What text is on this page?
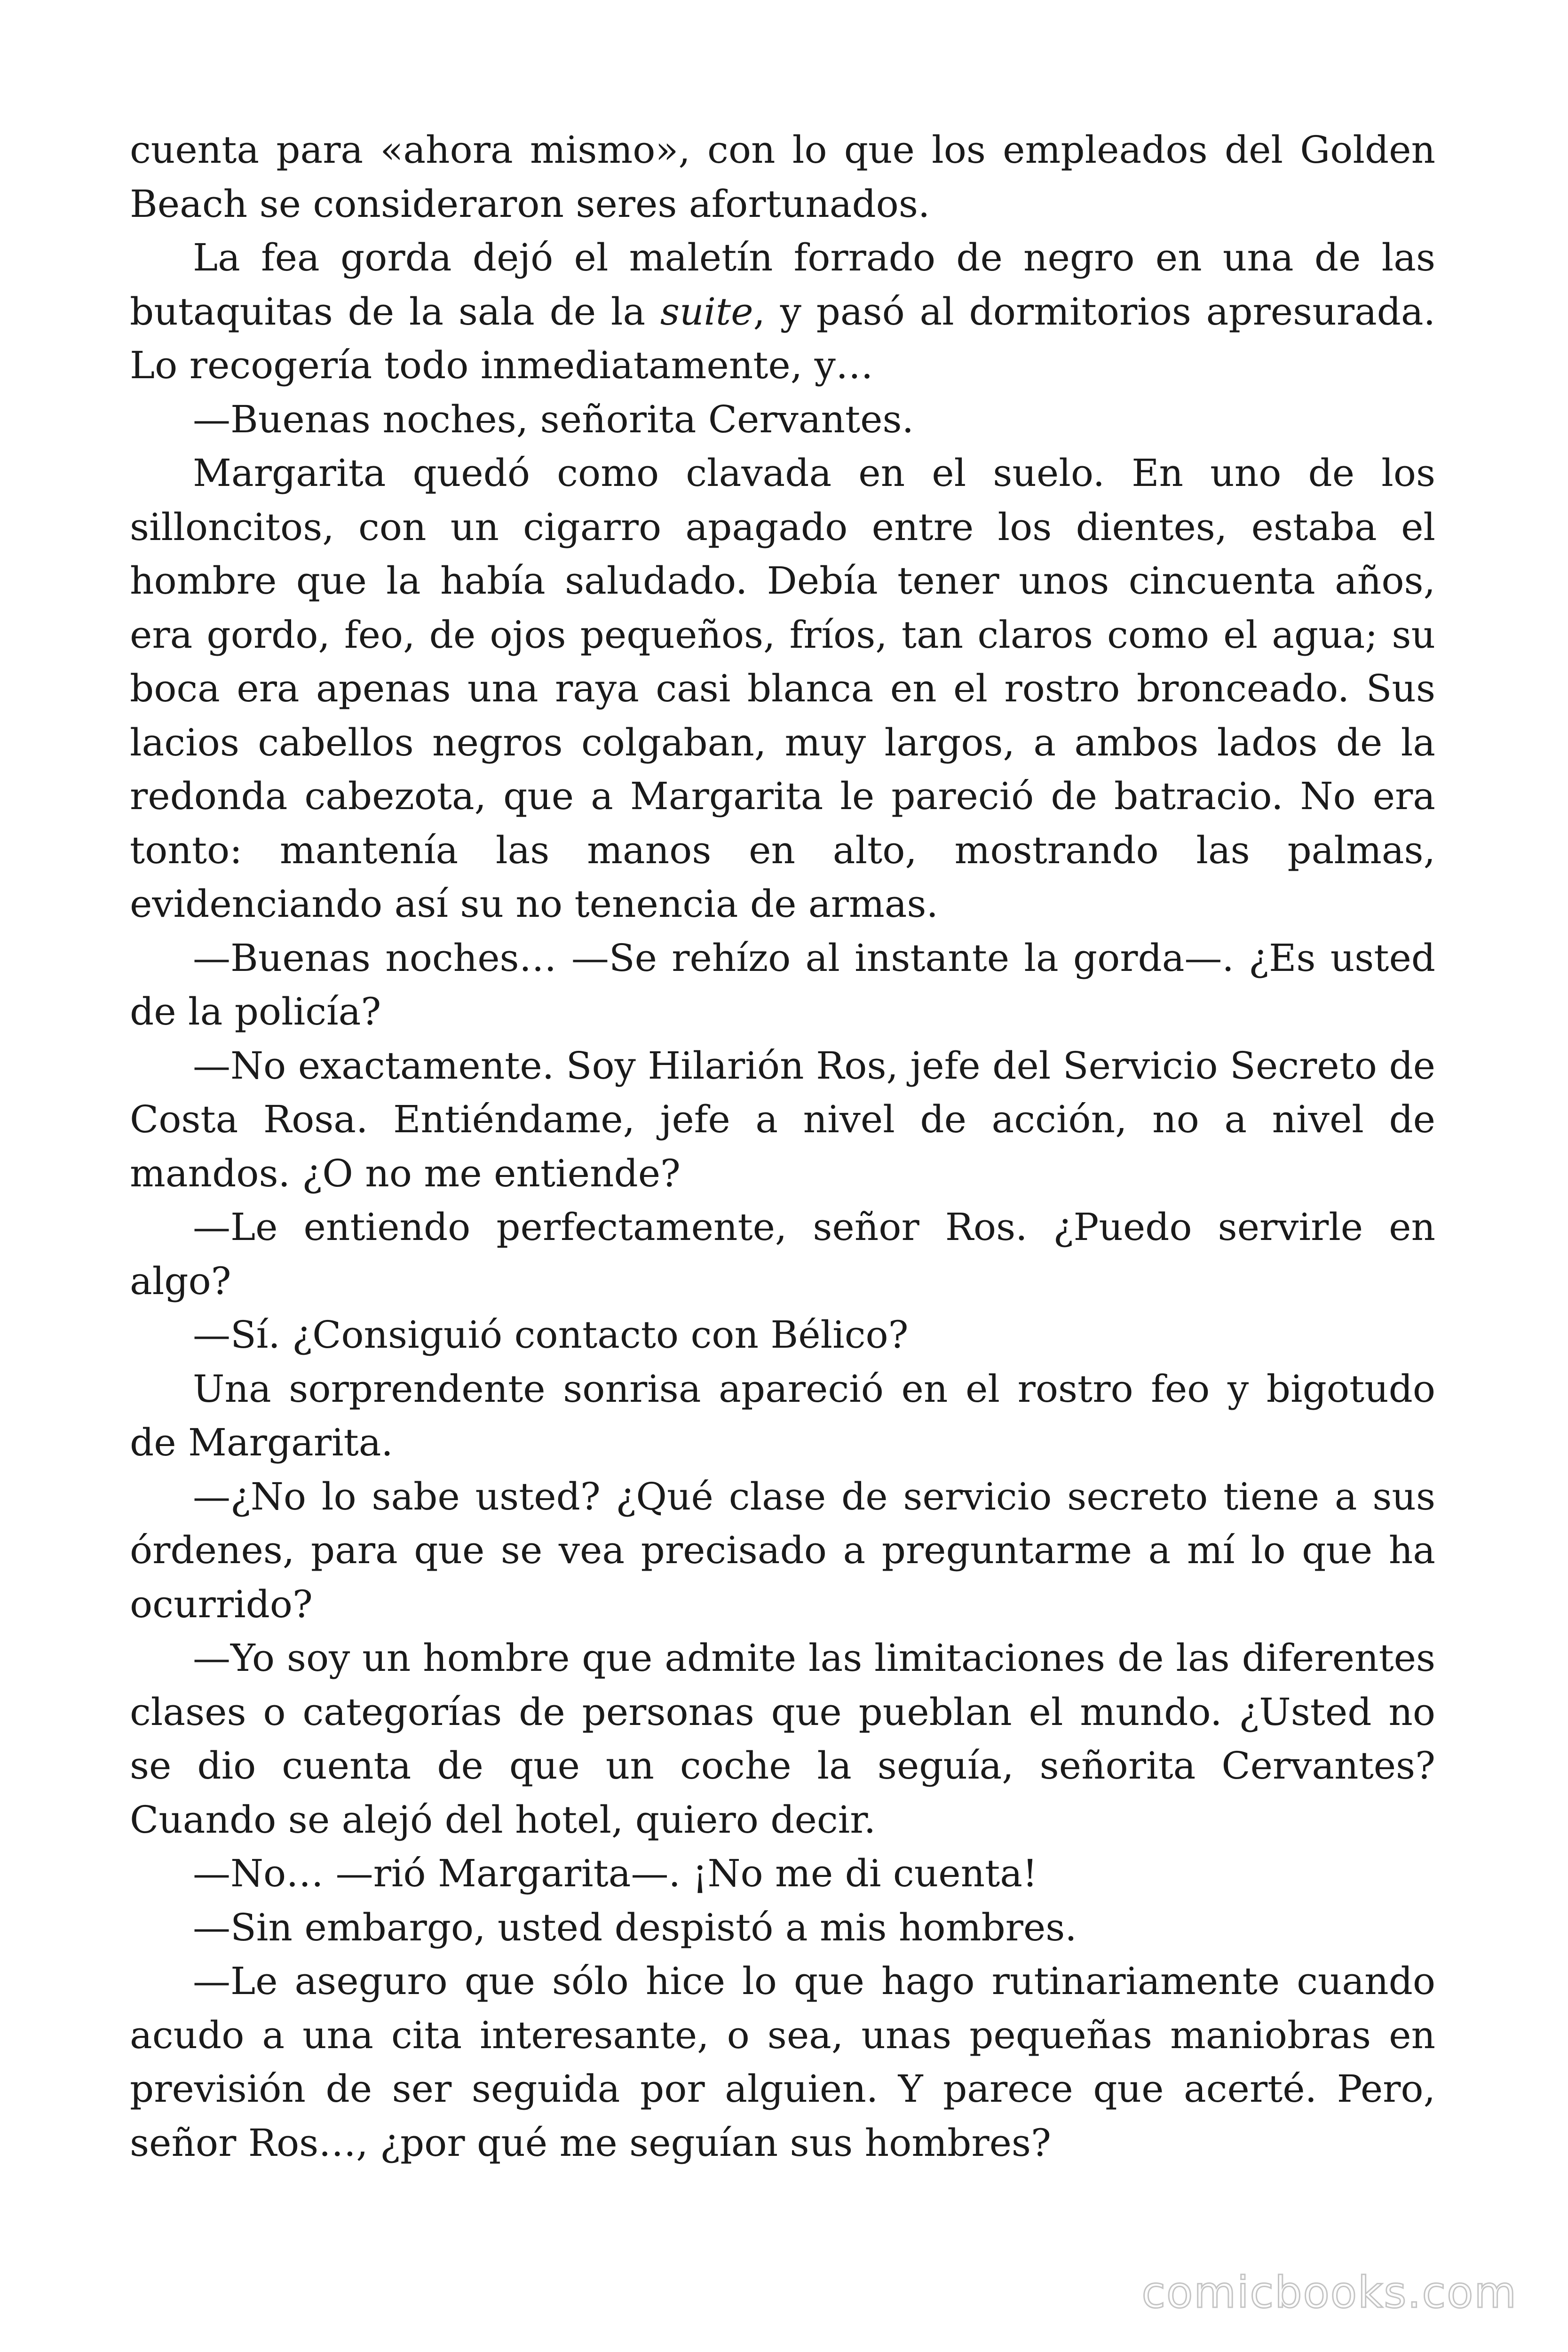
cuenta para «ahora mismo», con lo que los empleados del Golden Beach se consideraron seres afortunados.

La fea gorda dejó el maletín forrado de negro en una de las butaquitas de la sala de la suite, y pasó al dormitorios apresurada. Lo recogería todo inmediatamente, y…

—Buenas noches, señorita Cervantes.

Margarita quedó como clavada en el suelo. En uno de los silloncitos, con un cigarro apagado entre los dientes, estaba el hombre que la había saludado. Debía tener unos cincuenta años, era gordo, feo, de ojos pequeños, fríos, tan claros como el agua; su boca era apenas una raya casi blanca en el rostro bronceado. Sus lacios cabellos negros colgaban, muy largos, a ambos lados de la redonda cabezota, que a Margarita le pareció de batracio. No era tonto: mantenía las manos en alto, mostrando las palmas, evidenciando así su no tenencia de armas.

—Buenas noches… —Se rehízo al instante la gorda—. ¿Es usted de la policía?

—No exactamente. Soy Hilarión Ros, jefe del Servicio Secreto de Costa Rosa. Entiéndame, jefe a nivel de acción, no a nivel de mandos. ¿O no me entiende?

—Le entiendo perfectamente, señor Ros. ¿Puedo servirle en algo?

—Sí. ¿Consiguió contacto con Bélico?

Una sorprendente sonrisa apareció en el rostro feo y bigotudo de Margarita.

—¿No lo sabe usted? ¿Qué clase de servicio secreto tiene a sus órdenes, para que se vea precisado a preguntarme a mí lo que ha ocurrido?

—Yo soy un hombre que admite las limitaciones de las diferentes clases o categorías de personas que pueblan el mundo. ¿Usted no se dio cuenta de que un coche la seguía, señorita Cervantes? Cuando se alejó del hotel, quiero decir.

—No… —rió Margarita—. ¡No me di cuenta!

—Sin embargo, usted despistó a mis hombres.

—Le aseguro que sólo hice lo que hago rutinariamente cuando acudo a una cita interesante, o sea, unas pequeñas maniobras en previsión de ser seguida por alguien. Y parece que acerté. Pero, señor Ros…, ¿por qué me seguían sus hombres?

comicbooks.com
